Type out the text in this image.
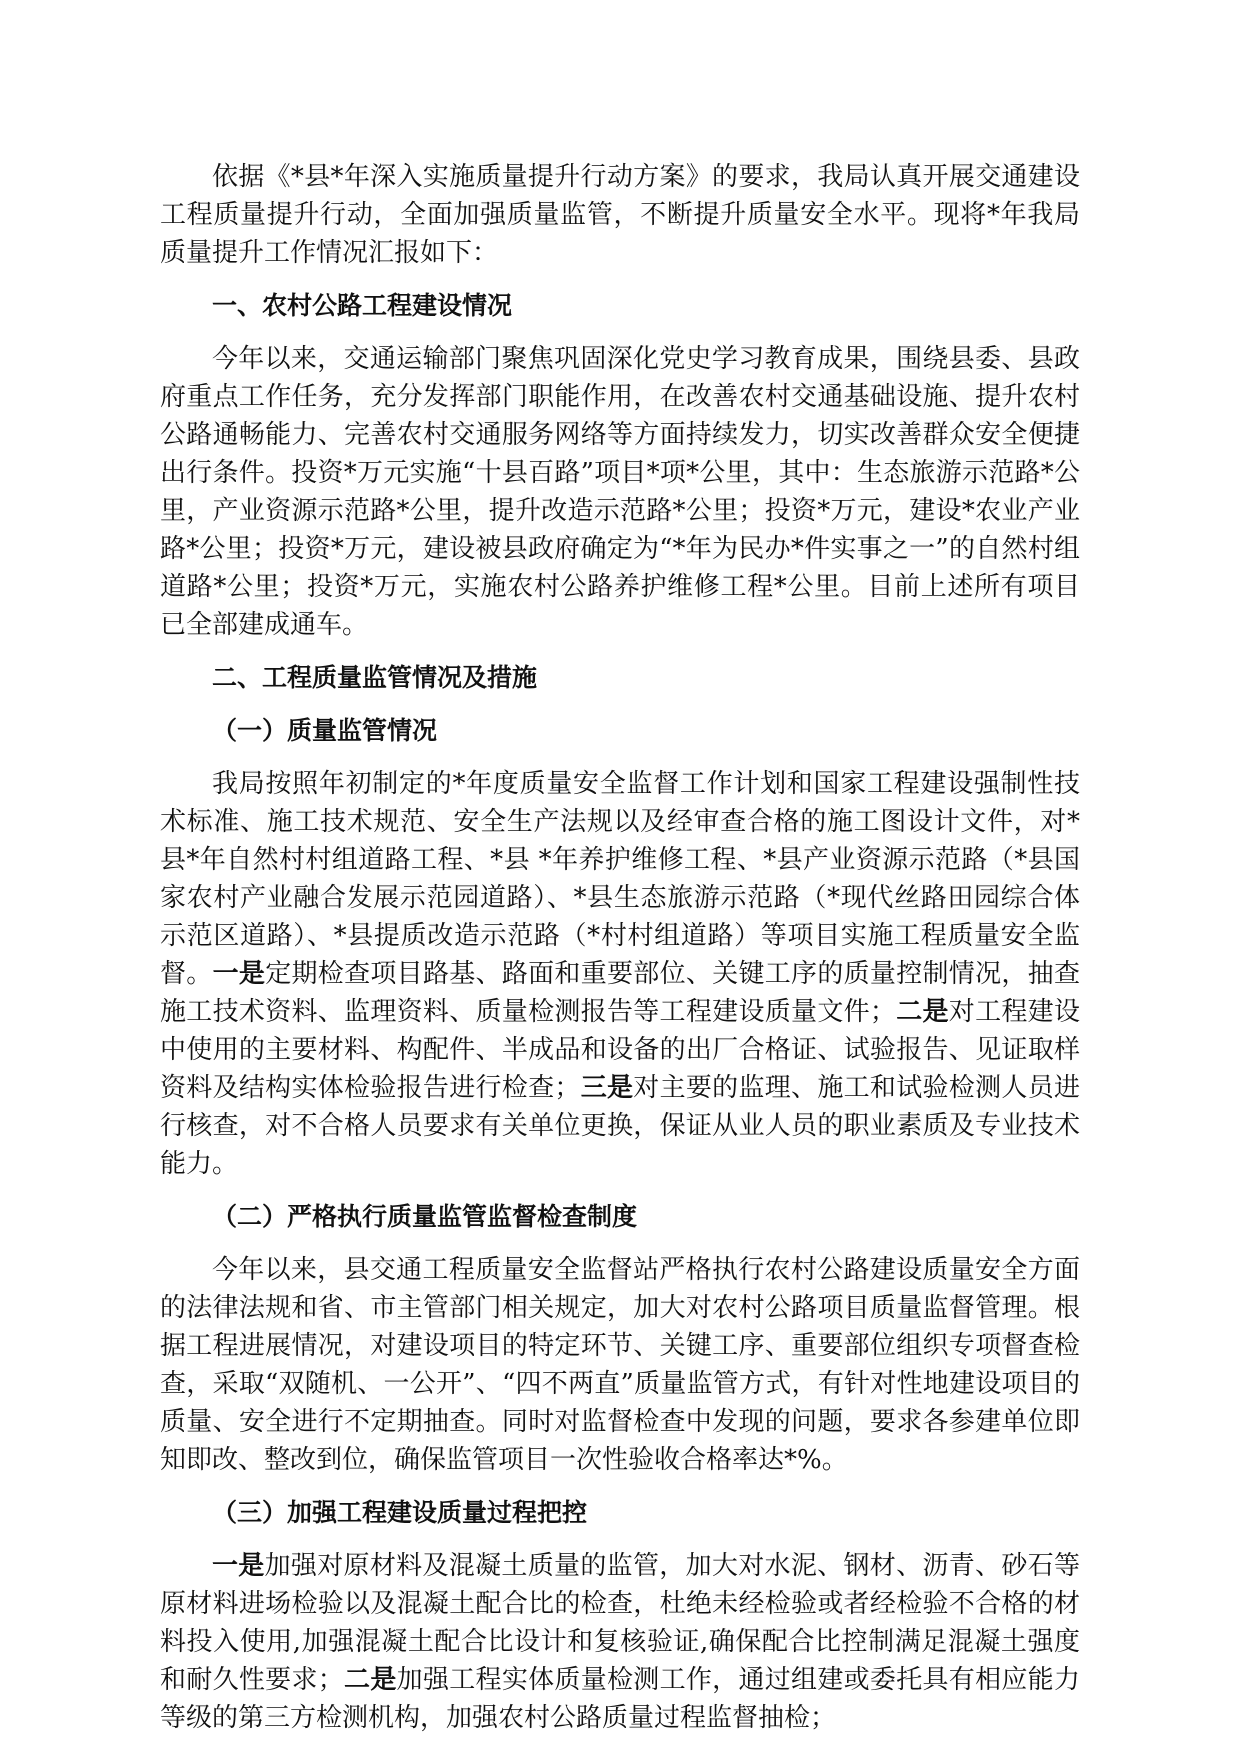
依据《*县*年深入实施质量提升行动方案》的要求，我局认真开展交通建设工程质量提升行动，全面加强质量监管，不断提升质量安全水平。现将*年我局质量提升工作情况汇报如下：

一、农村公路工程建设情况

今年以来，交通运输部门聚焦巩固深化党史学习教育成果，围绕县委、县政府重点工作任务，充分发挥部门职能作用，在改善农村交通基础设施、提升农村公路通畅能力、完善农村交通服务网络等方面持续发力，切实改善群众安全便捷出行条件。投资*万元实施“十县百路”项目*项*公里，其中：生态旅游示范路*公里，产业资源示范路*公里，提升改造示范路*公里；投资*万元，建设*农业产业路*公里；投资*万元，建设被县政府确定为“*年为民办*件实事之一”的自然村组道路*公里；投资*万元，实施农村公路养护维修工程*公里。目前上述所有项目已全部建成通车。

二、工程质量监管情况及措施

（一）质量监管情况

我局按照年初制定的*年度质量安全监督工作计划和国家工程建设强制性技术标准、施工技术规范、安全生产法规以及经审查合格的施工图设计文件，对*县*年自然村村组道路工程、*县 *年养护维修工程、*县产业资源示范路（*县国家农村产业融合发展示范园道路）、*县生态旅游示范路（*现代丝路田园综合体示范区道路）、*县提质改造示范路（*村村组道路）等项目实施工程质量安全监督。一是定期检查项目路基、路面和重要部位、关键工序的质量控制情况，抽查施工技术资料、监理资料、质量检测报告等工程建设质量文件；二是对工程建设中使用的主要材料、构配件、半成品和设备的出厂合格证、试验报告、见证取样资料及结构实体检验报告进行检查；三是对主要的监理、施工和试验检测人员进行核查，对不合格人员要求有关单位更换，保证从业人员的职业素质及专业技术能力。

（二）严格执行质量监管监督检查制度

今年以来，县交通工程质量安全监督站严格执行农村公路建设质量安全方面的法律法规和省、市主管部门相关规定，加大对农村公路项目质量监督管理。根据工程进展情况，对建设项目的特定环节、关键工序、重要部位组织专项督查检查，采取“双随机、一公开”、“四不两直”质量监管方式，有针对性地建设项目的质量、安全进行不定期抽查。同时对监督检查中发现的问题，要求各参建单位即知即改、整改到位，确保监管项目一次性验收合格率达*%。

（三）加强工程建设质量过程把控

一是加强对原材料及混凝土质量的监管，加大对水泥、钢材、沥青、砂石等原材料进场检验以及混凝土配合比的检查，杜绝未经检验或者经检验不合格的材料投入使用,加强混凝土配合比设计和复核验证,确保配合比控制满足混凝土强度和耐久性要求；二是加强工程实体质量检测工作，通过组建或委托具有相应能力等级的第三方检测机构，加强农村公路质量过程监督抽检；
